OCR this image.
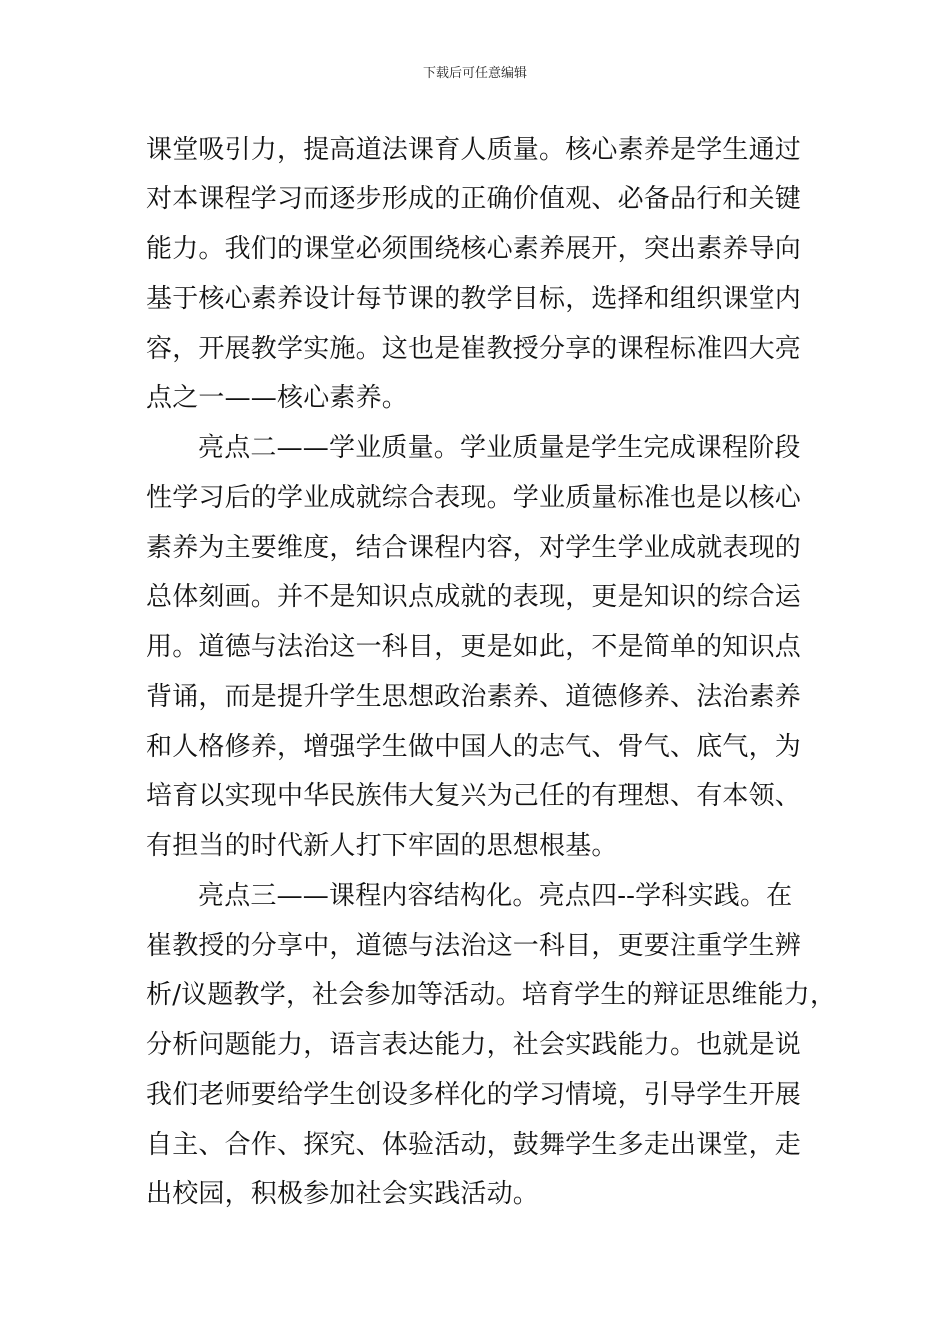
下载后可任意编辑
课堂吸引力，提高道法课育人质量。核心素养是学生通过
对本课程学习而逐步形成的正确价值观、必备品行和关键
能力。我们的课堂必须围绕核心素养展开，突出素养导向
基于核心素养设计每节课的教学目标，选择和组织课堂内
容，开展教学实施。这也是崔教授分享的课程标准四大亮
点之一——核心素养。
亮点二——学业质量。学业质量是学生完成课程阶段
性学习后的学业成就综合表现。学业质量标准也是以核心
素养为主要维度，结合课程内容，对学生学业成就表现的
总体刻画。并不是知识点成就的表现，更是知识的综合运
用。道德与法治这一科目，更是如此，不是简单的知识点
背诵，而是提升学生思想政治素养、道德修养、法治素养
和人格修养，增强学生做中国人的志气、骨气、底气，为
培育以实现中华民族伟大复兴为己任的有理想、有本领、
有担当的时代新人打下牢固的思想根基。
亮点三——课程内容结构化。亮点四--学科实践。在
崔教授的分享中，道德与法治这一科目，更要注重学生辨
析/议题教学，社会参加等活动。培育学生的辩证思维能力，
分析问题能力，语言表达能力，社会实践能力。也就是说
我们老师要给学生创设多样化的学习情境，引导学生开展
自主、合作、探究、体验活动，鼓舞学生多走出课堂，走
出校园，积极参加社会实践活动。
